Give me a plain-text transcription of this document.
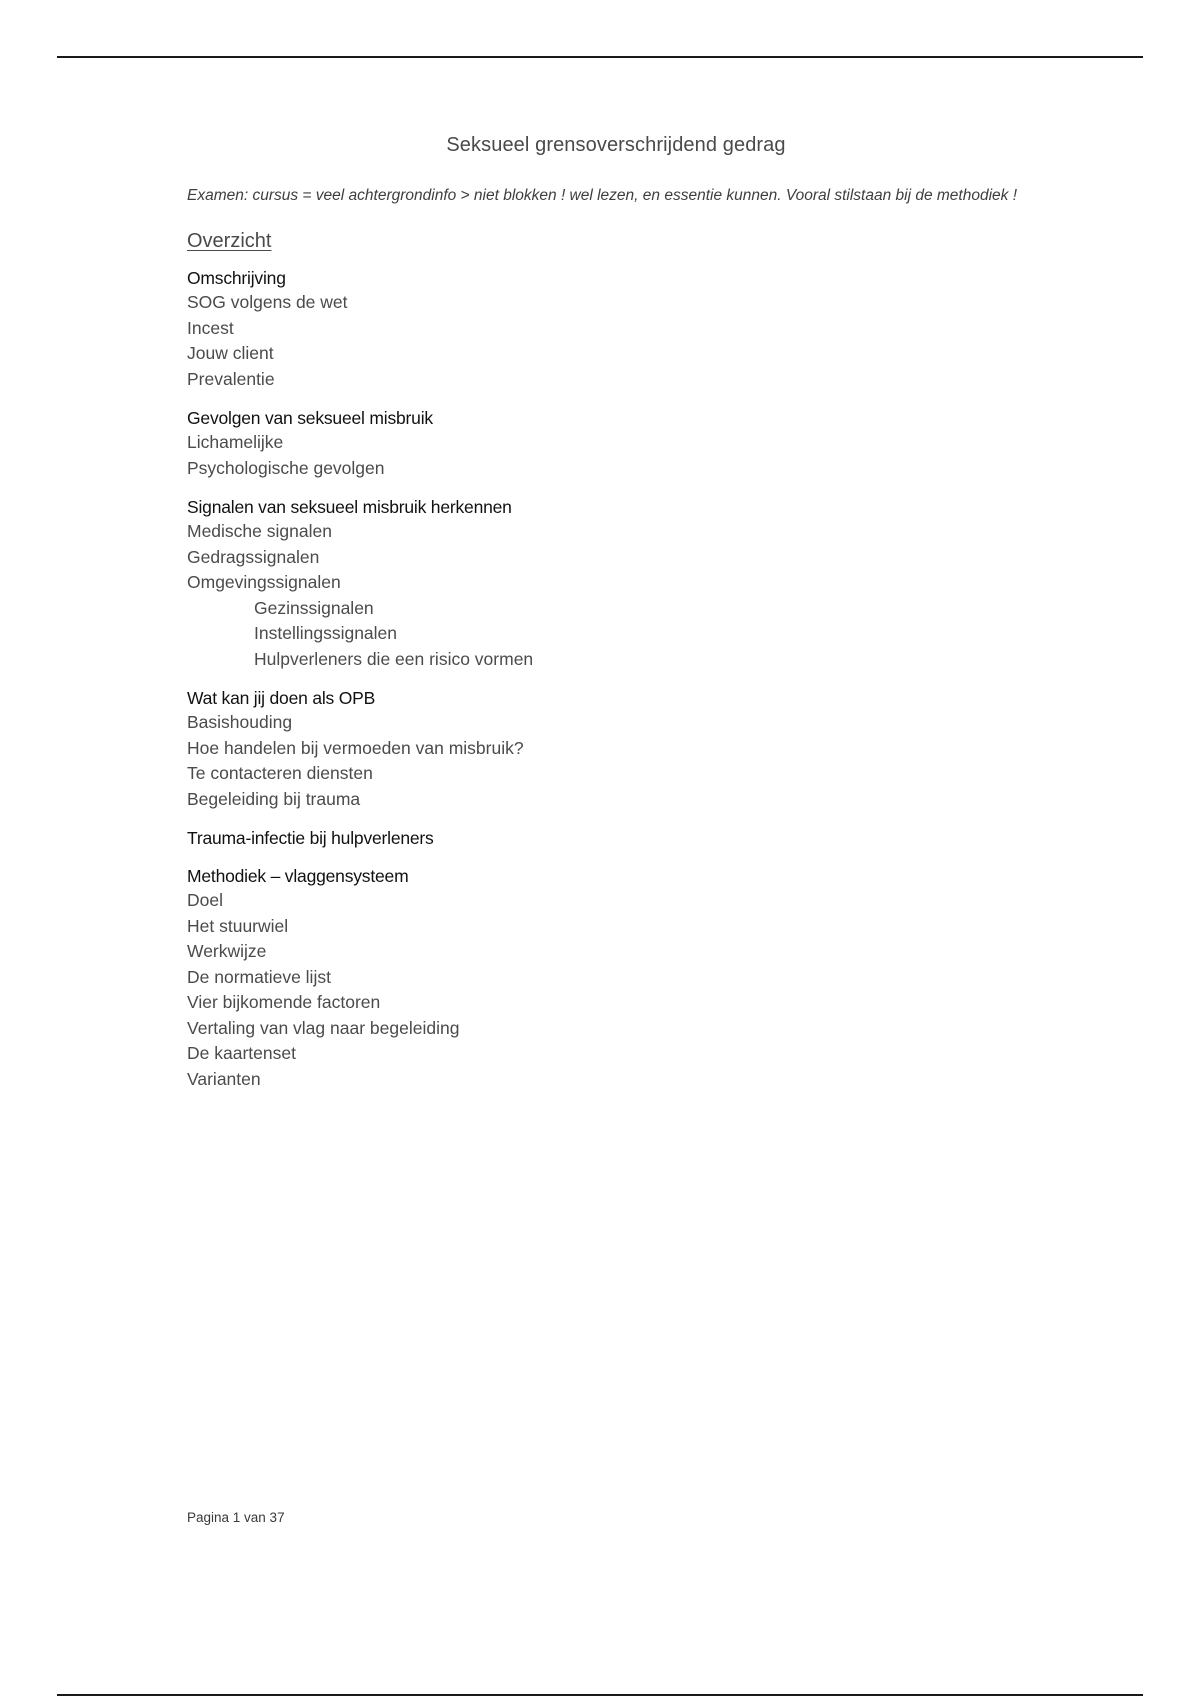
Seksueel grensoverschrijdend gedrag

Examen: cursus = veel achtergrondinfo > niet blokken ! wel lezen, en essentie kunnen. Vooral stilstaan bij de methodiek !

Overzicht
Omschrijving
SOG volgens de wet
Incest
Jouw client
Prevalentie
Gevolgen van seksueel misbruik
Lichamelijke
Psychologische gevolgen
Signalen van seksueel misbruik herkennen
Medische signalen
Gedragssignalen
Omgevingssignalen
Gezinssignalen
Instellingssignalen
Hulpverleners die een risico vormen
Wat kan jij doen als OPB
Basishouding
Hoe handelen bij vermoeden van misbruik?
Te contacteren diensten
Begeleiding bij trauma
Trauma-infectie bij hulpverleners
Methodiek – vlaggensysteem
Doel
Het stuurwiel
Werkwijze
De normatieve lijst
Vier bijkomende factoren
Vertaling van vlag naar begeleiding
De kaartenset
Varianten
Pagina 1 van 37
